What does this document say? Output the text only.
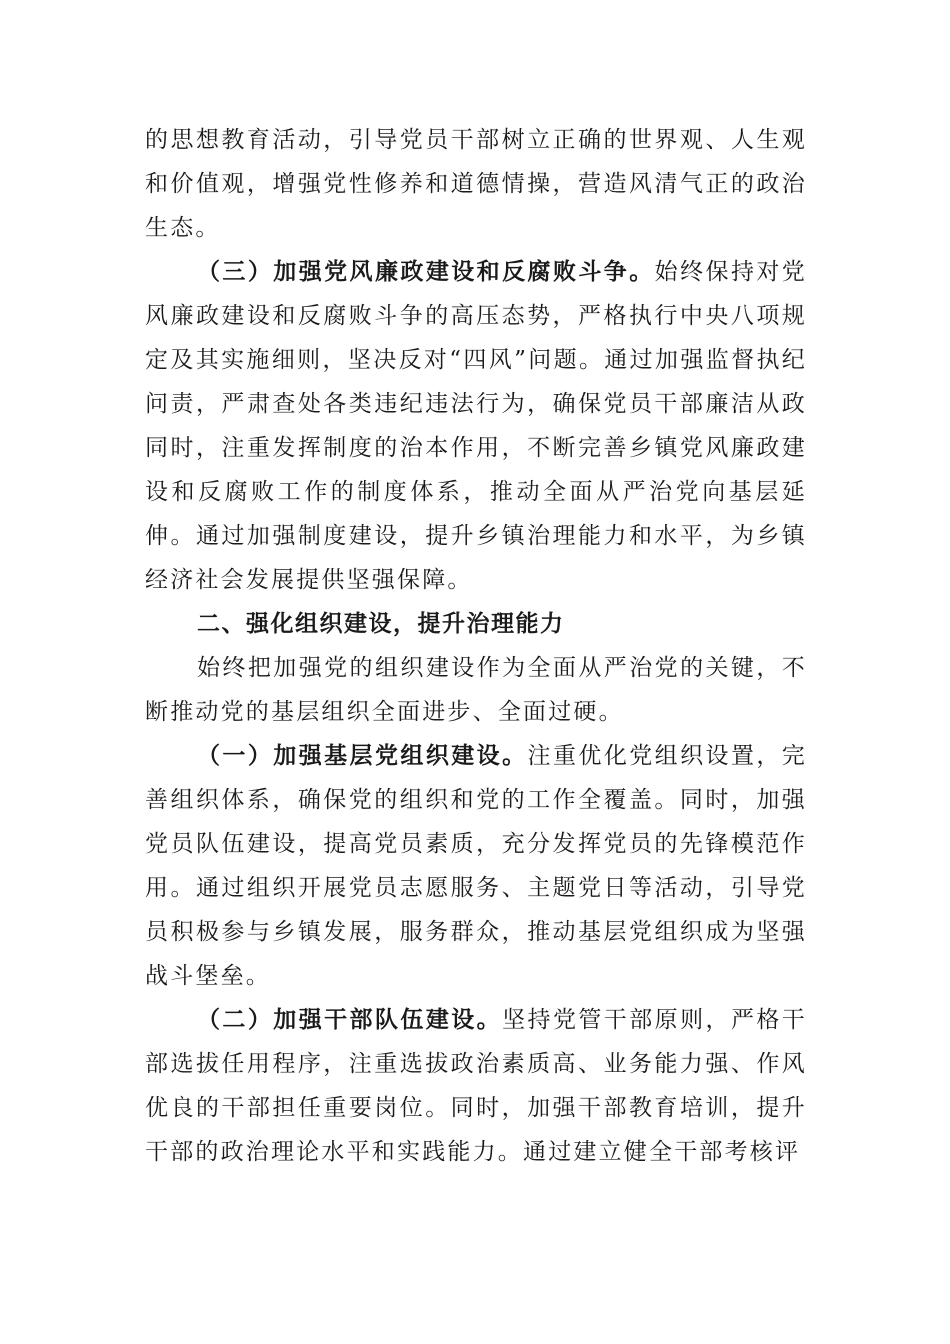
的思想教育活动，引导党员干部树立正确的世界观、人生观和价值观，增强党性修养和道德情操，营造风清气正的政治生态。

（三）加强党风廉政建设和反腐败斗争。始终保持对党风廉政建设和反腐败斗争的高压态势，严格执行中央八项规定及其实施细则，坚决反对“四风”问题。通过加强监督执纪问责，严肃查处各类违纪违法行为，确保党员干部廉洁从政同时，注重发挥制度的治本作用，不断完善乡镇党风廉政建设和反腐败工作的制度体系，推动全面从严治党向基层延伸。通过加强制度建设，提升乡镇治理能力和水平，为乡镇经济社会发展提供坚强保障。

二、强化组织建设，提升治理能力

始终把加强党的组织建设作为全面从严治党的关键，不断推动党的基层组织全面进步、全面过硬。

（一）加强基层党组织建设。注重优化党组织设置，完善组织体系，确保党的组织和党的工作全覆盖。同时，加强党员队伍建设，提高党员素质，充分发挥党员的先锋模范作用。通过组织开展党员志愿服务、主题党日等活动，引导党员积极参与乡镇发展，服务群众，推动基层党组织成为坚强战斗堡垒。

（二）加强干部队伍建设。坚持党管干部原则，严格干部选拔任用程序，注重选拔政治素质高、业务能力强、作风优良的干部担任重要岗位。同时，加强干部教育培训，提升干部的政治理论水平和实践能力。通过建立健全干部考核评
